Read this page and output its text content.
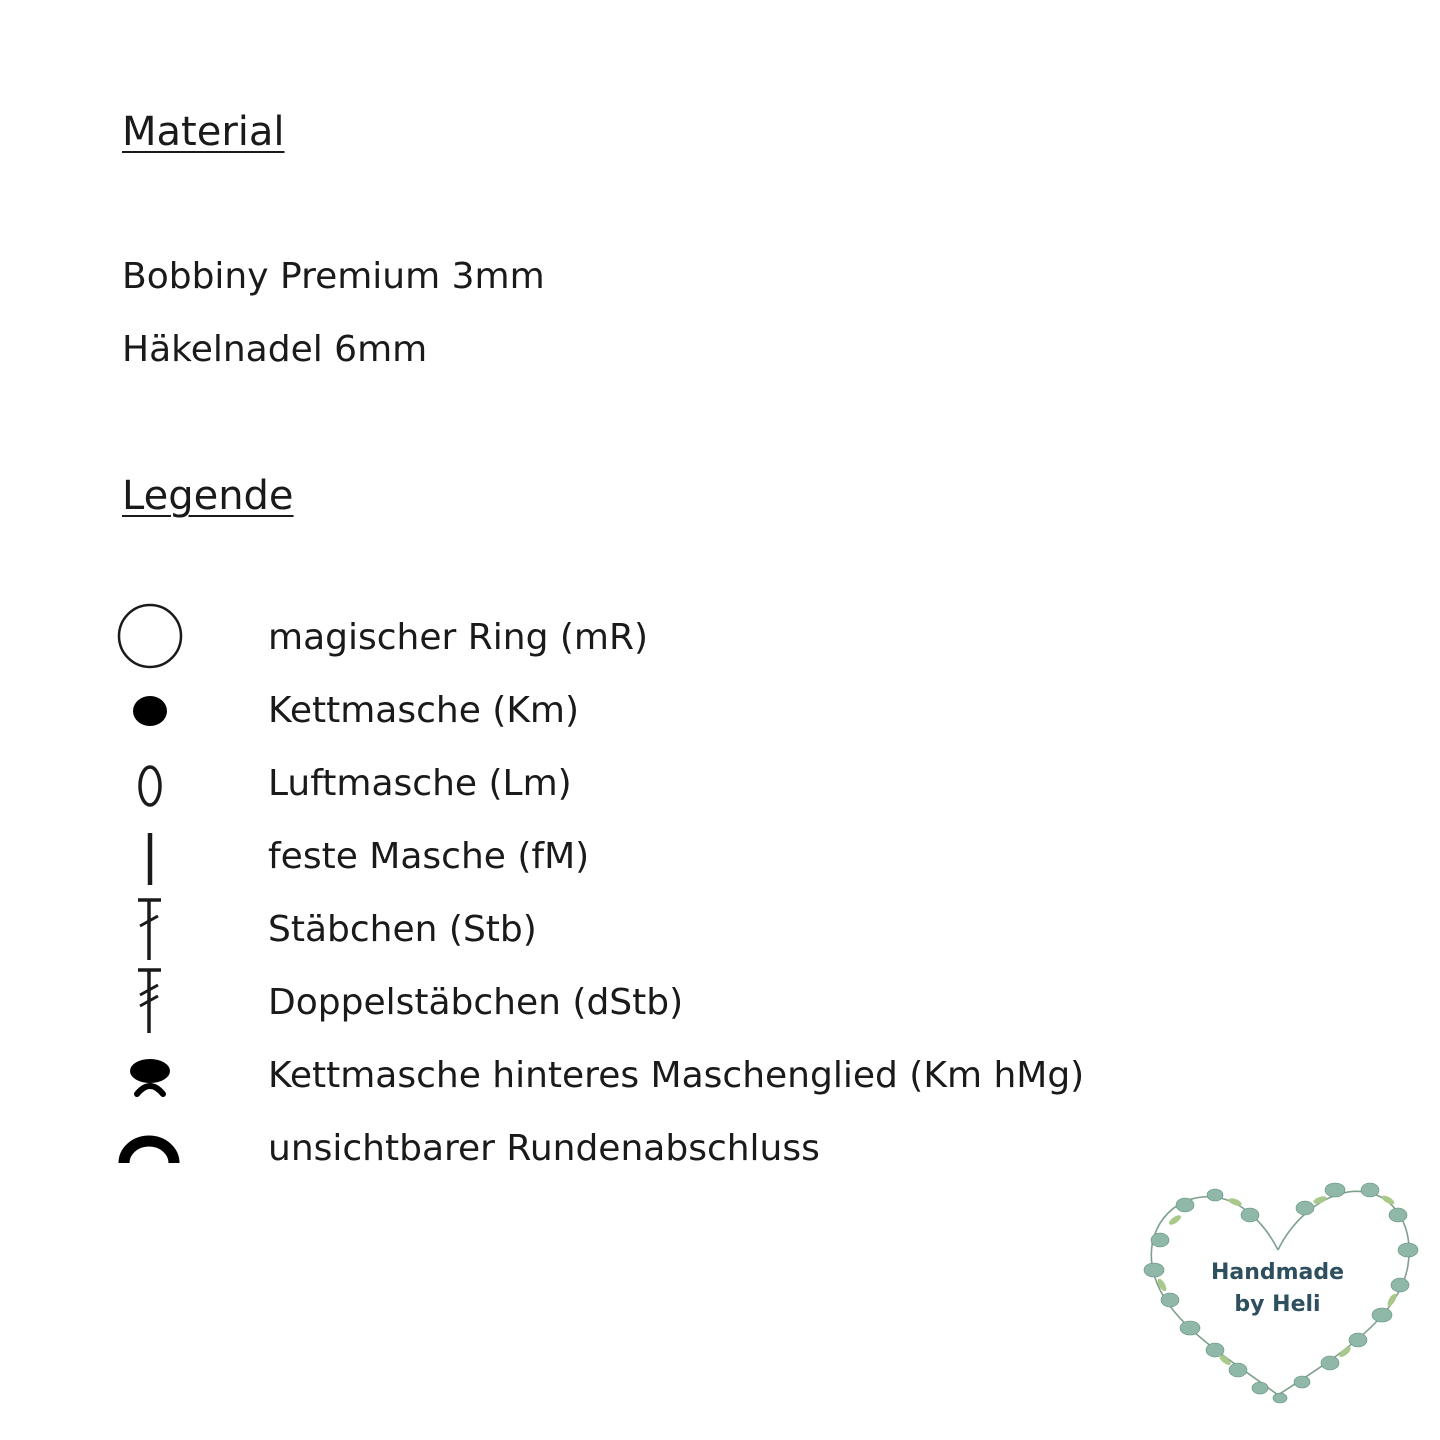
Material
Bobbiny Premium 3mm
Häkelnadel 6mm
Legende
magischer Ring (mR)
Kettmasche (Km)
Luftmasche (Lm)
feste Masche (fM)
Stäbchen (Stb)
Doppelstäbchen (dStb)
Kettmasche hinteres Maschenglied (Km hMg)
unsichtbarer Rundenabschluss
Handmade
by Heli
